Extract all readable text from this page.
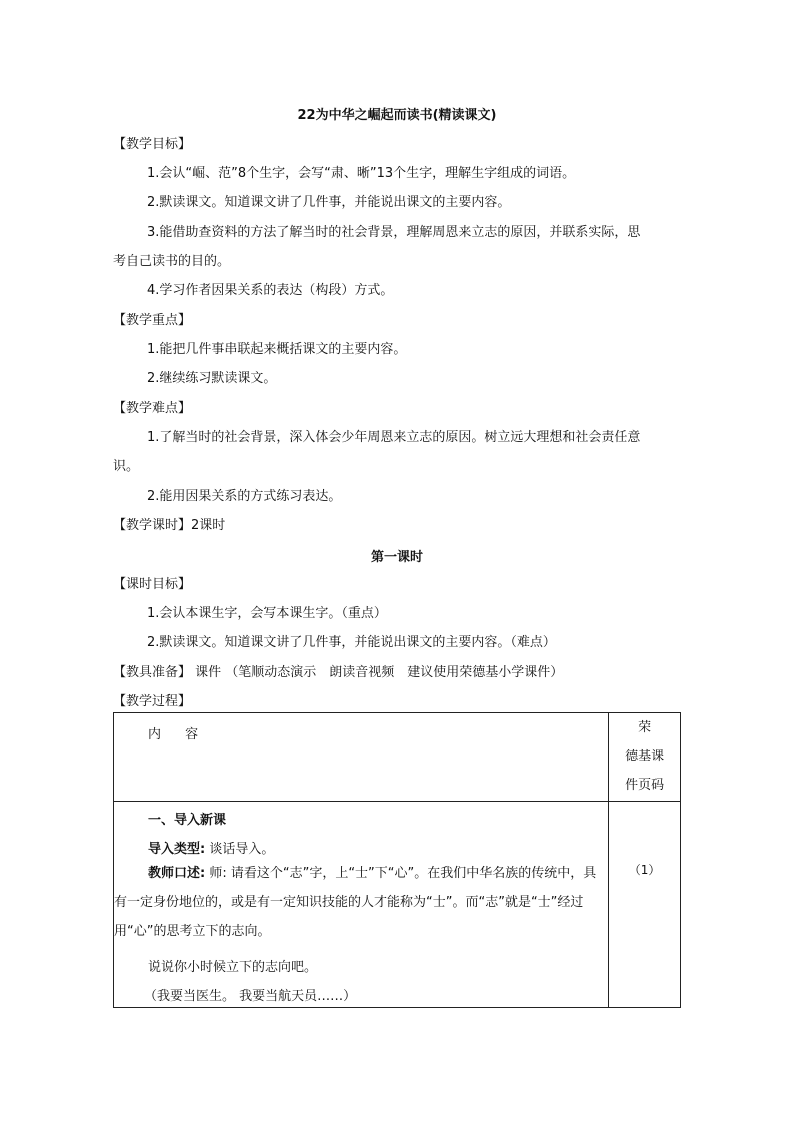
22为中华之崛起而读书(精读课文)
【教学目标】
1.会认“崛、范”8个生字，会写“肃、晰”13个生字，理解生字组成的词语。
2.默读课文。知道课文讲了几件事，并能说出课文的主要内容。
3.能借助查资料的方法了解当时的社会背景，理解周恩来立志的原因，并联系实际，思
考自己读书的目的。
4.学习作者因果关系的表达（构段）方式。
【教学重点】
1.能把几件事串联起来概括课文的主要内容。
2.继续练习默读课文。
【教学难点】
1.了解当时的社会背景，深入体会少年周恩来立志的原因。树立远大理想和社会责任意
识。
2.能用因果关系的方式练习表达。
【教学课时】2课时
第一课时
【课时目标】
1.会认本课生字，会写本课生字。（重点）
2.默读课文。知道课文讲了几件事，并能说出课文的主要内容。（难点）
【教具准备】 课件 （笔顺动态演示　朗读音视频　建议使用荣德基小学课件）
【教学过程】
内 容	荣
德基课
件页码

一、导入新课
导入类型: 谈话导入。
教师口述: 师: 请看这个“志”字，上“士”下“心”。在我们中华名族的传统中，具有一定身份地位的，或是有一定知识技能的人才能称为“士”。而“志”就是“士”经过用“心”的思考立下的志向。
说说你小时候立下的志向吧。
（我要当医生。 我要当航天员……）	（1）
